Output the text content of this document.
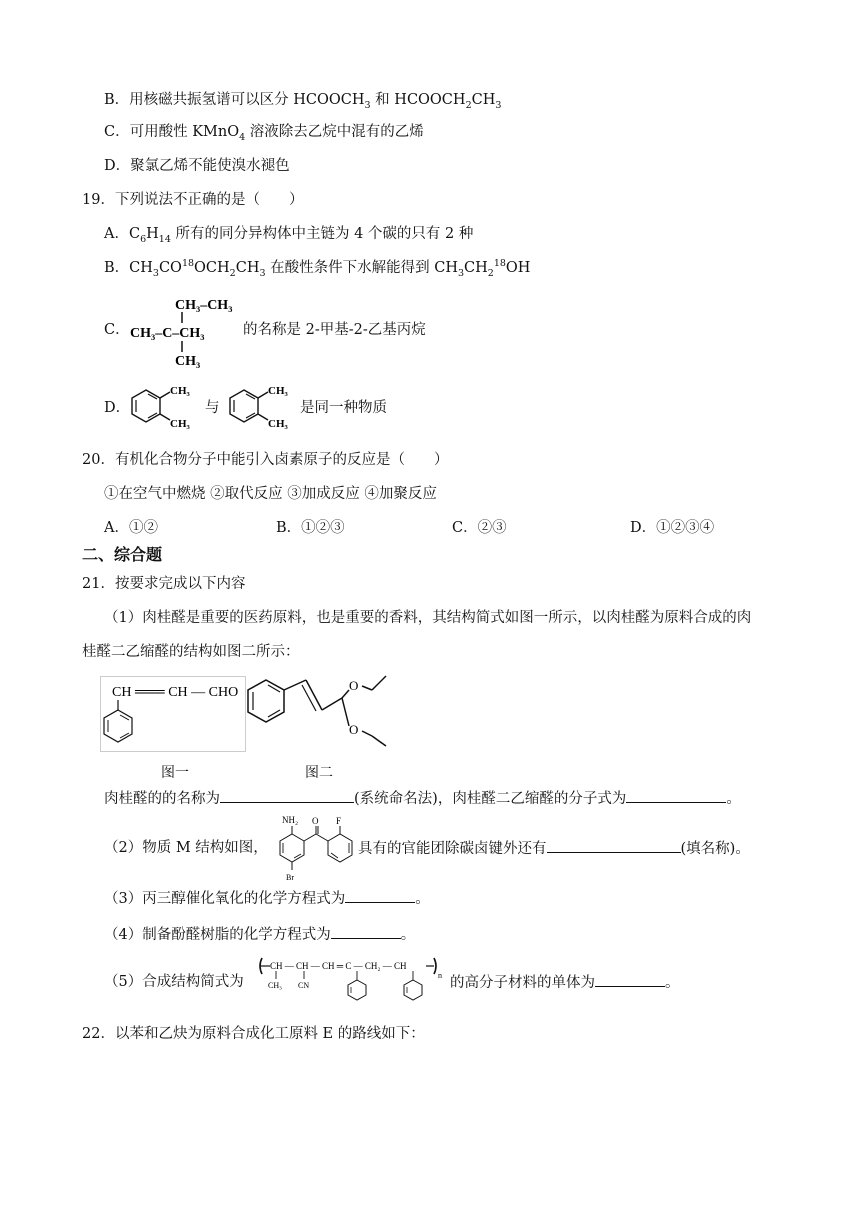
B．用核磁共振氢谱可以区分 $HCOOCH_3$ 和 $HCOOCH_2CH_3$
C．可用酸性 KMnO$_4$ 溶液除去乙烷中混有的乙烯
D．聚氯乙烯不能使溴水褪色
19．下列说法不正确的是（　　）
A．$C_6H_{14}$ 所有的同分异构体中主链为 4 个碳的只有 2 种
B．$CH_3CO^{18}OCH_2CH_3$ 在酸性条件下水解能得到 $CH_3CH_2^{18}OH$
C．
CH₃–CH₃
CH₃–C–CH₃
CH₃
的名称是 2-甲基-2-乙基丙烷
D．
CH₃
CH₃
与
CH₃
CH₃
是同一种物质
20．有机化合物分子中能引入卤素原子的反应是（　　）
①在空气中燃烧 ②取代反应 ③加成反应 ④加聚反应
A．①②	B．①②③	C．②③	D．①②③④
二、综合题
21．按要求完成以下内容
（1）肉桂醛是重要的医药原料，也是重要的香料，其结构简式如图一所示，以肉桂醛为原料合成的肉
桂醛二乙缩醛的结构如图二所示：
CH ═══ CH — CHO
图一
O
O
图二
肉桂醛的的名称为	(系统命名法)，肉桂醛二乙缩醛的分子式为	。
（2）物质 M 结构如图，
NH₂
Br
O F
具有的官能团除碳卤键外还有	(填名称)。
（3）丙三醇催化氧化的化学方程式为	。
（4）制备酚醛树脂的化学方程式为	。
（5）合成结构简式为
CH — CH — CH ═ C — CH₂ — CH
n
CH₃ CN	的高分子材料的单体为	。
22．以苯和乙炔为原料合成化工原料 E 的路线如下：
